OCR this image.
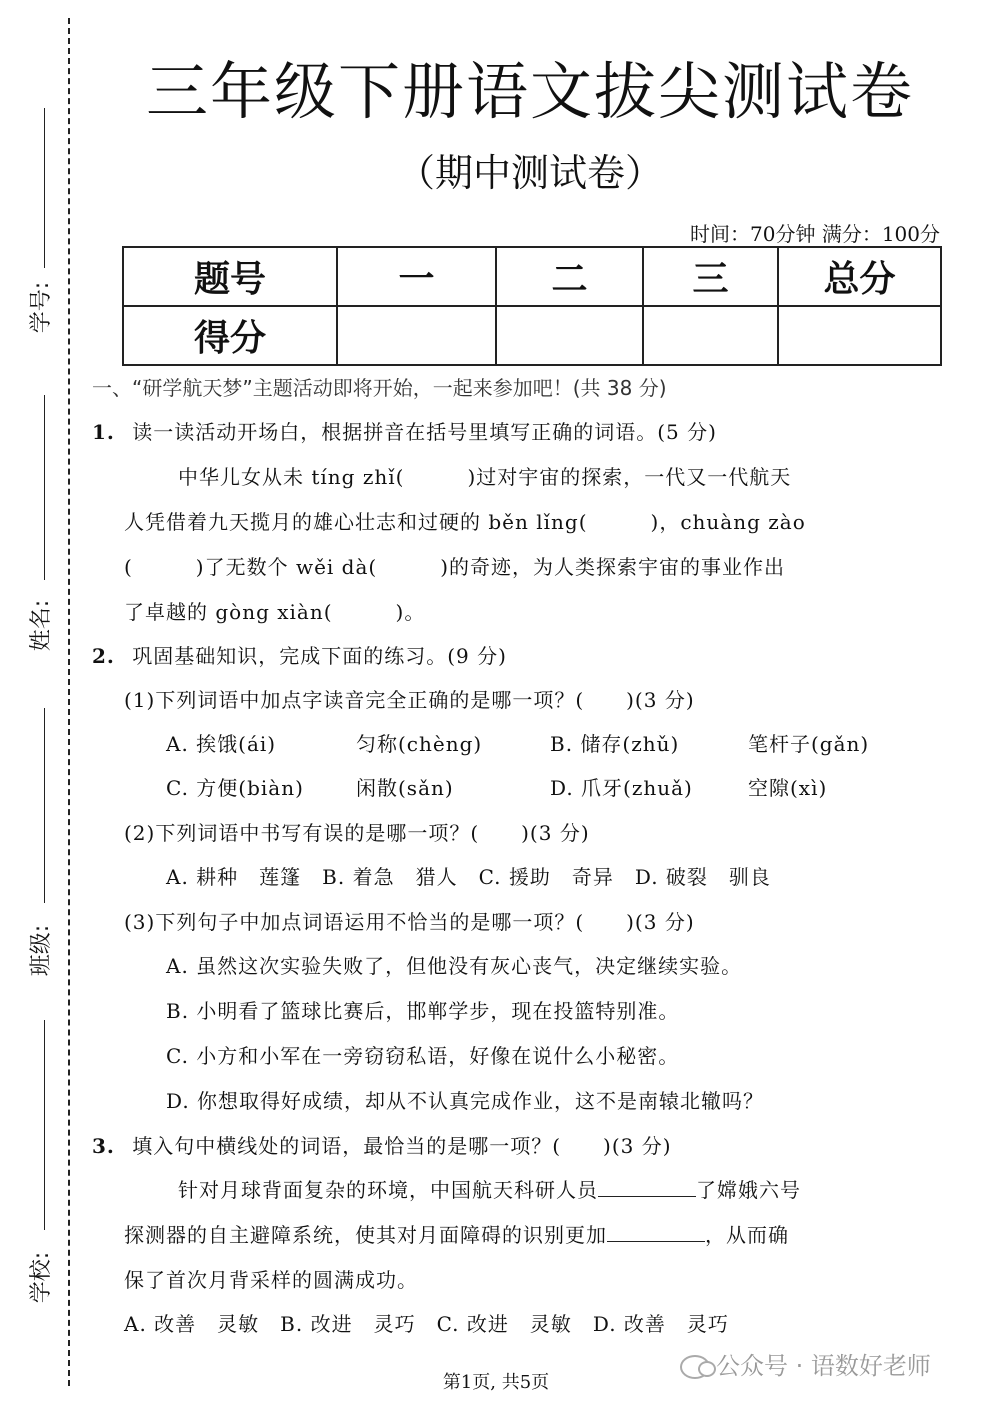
学号:
姓名:
班级:
学校:
三年级下册语文拔尖测试卷
（期中测试卷）
时间：70分钟 满分：100分
题号	一	二	三	总分
得分				
一、“研学航天梦”主题活动即将开始，一起来参加吧！(共 38 分)
1. 读一读活动开场白，根据拼音在括号里填写正确的词语。(5 分)
中华儿女从未 tíng zhǐ(　　　)过对宇宙的探索，一代又一代航天
人凭借着九天揽月的雄心壮志和过硬的 běn lǐng(　　　)，chuàng zào
(　　　)了无数个 wěi dà(　　　)的奇迹，为人类探索宇宙的事业作出
了卓越的 gòng xiàn(　　　)。
2. 巩固基础知识，完成下面的练习。(9 分)
(1)下列词语中加点字读音完全正确的是哪一项？(　　)(3 分)
A. 挨饿(ái)	匀称(chèng)	B. 储存(zhǔ)	笔杆子(gǎn)
C. 方便(biàn)	闲散(sǎn)	D. 爪牙(zhuǎ)	空隙(xì)
(2)下列词语中书写有误的是哪一项？(　　)(3 分)
A. 耕种　莲篷　B. 着急　猎人　C. 援助　奇异　D. 破裂　驯良
(3)下列句子中加点词语运用不恰当的是哪一项？(　　)(3 分)
A. 虽然这次实验失败了，但他没有灰心丧气，决定继续实验。
B. 小明看了篮球比赛后，邯郸学步，现在投篮特别准。
C. 小方和小军在一旁窃窃私语，好像在说什么小秘密。
D. 你想取得好成绩，却从不认真完成作业，这不是南辕北辙吗？
3. 填入句中横线处的词语，最恰当的是哪一项？(　　)(3 分)
针对月球背面复杂的环境，中国航天科研人员	了嫦娥六号
探测器的自主避障系统，使其对月面障碍的识别更加	，从而确
保了首次月背采样的圆满成功。
A. 改善　灵敏　B. 改进　灵巧　C. 改进　灵敏　D. 改善　灵巧
第1页, 共5页
公众号 · 语数好老师
